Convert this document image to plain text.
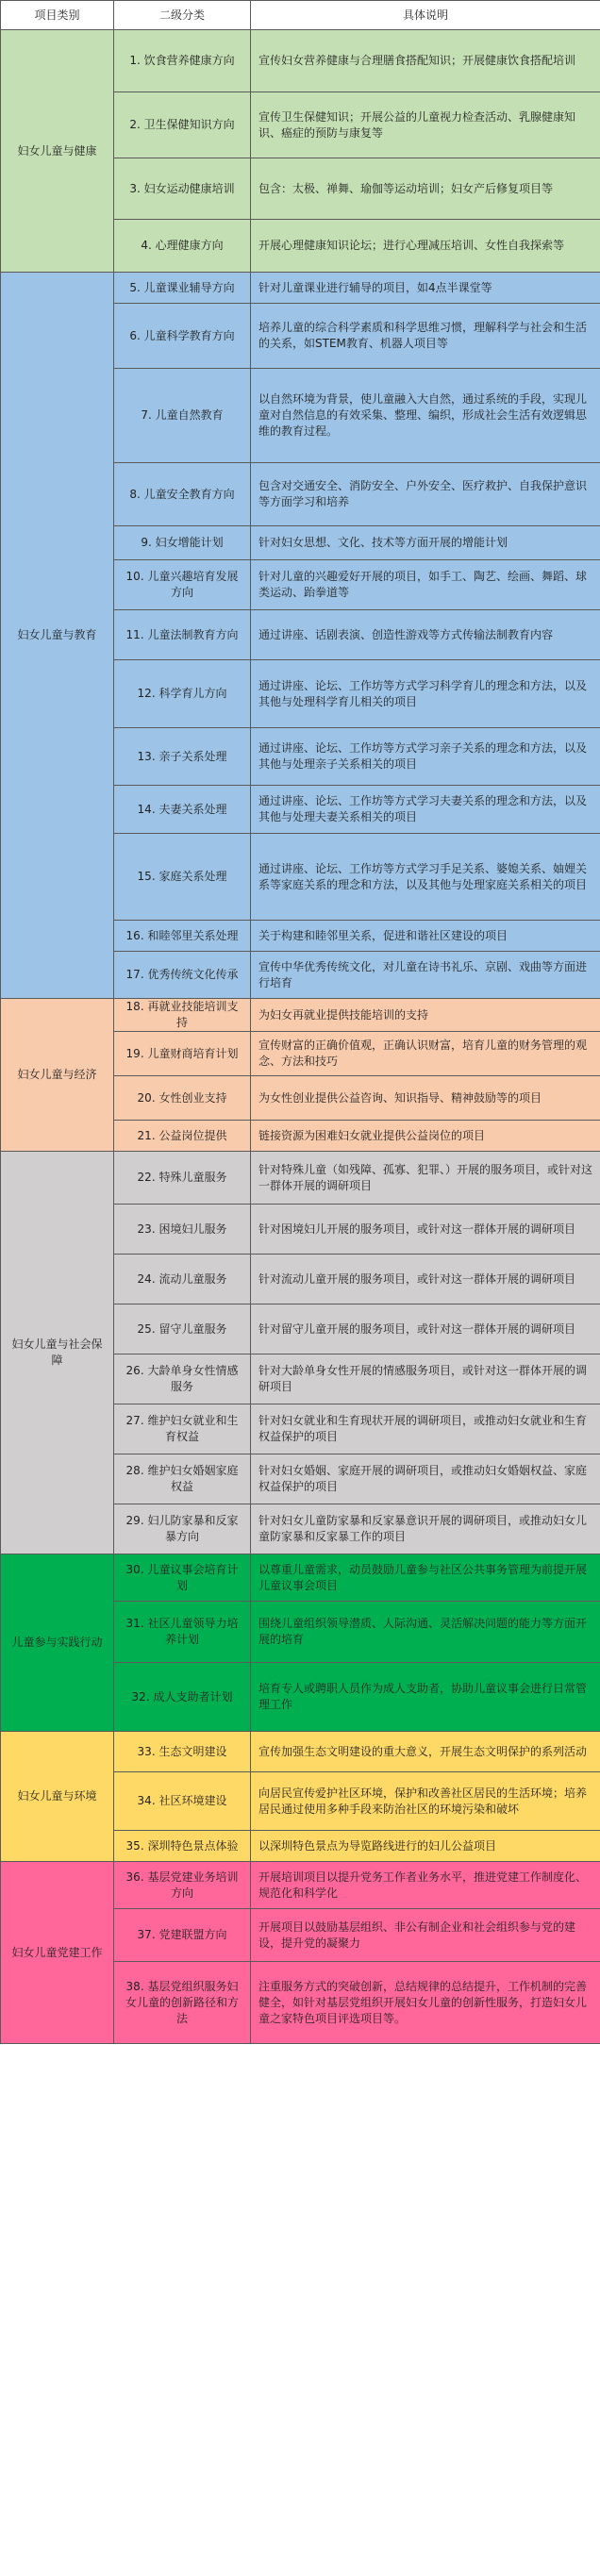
项目类别	二级分类	具体说明
妇女儿童与健康	1. 饮食营养健康方向	宣传妇女营养健康与合理膳食搭配知识；开展健康饮食搭配培训
	2. 卫生保健知识方向	宣传卫生保健知识；开展公益的儿童视力检查活动、乳腺健康知识、癌症的预防与康复等
	3. 妇女运动健康培训	包含：太极、禅舞、瑜伽等运动培训；妇女产后修复项目等
	4. 心理健康方向	开展心理健康知识论坛；进行心理减压培训、女性自我探索等
妇女儿童与教育	5. 儿童课业辅导方向	针对儿童课业进行辅导的项目，如4点半课堂等
	6. 儿童科学教育方向	培养儿童的综合科学素质和科学思维习惯，理解科学与社会和生活的关系，如STEM教育、机器人项目等
	7. 儿童自然教育	以自然环境为背景，使儿童融入大自然，通过系统的手段，实现儿童对自然信息的有效采集、整理、编织，形成社会生活有效逻辑思维的教育过程。
	8. 儿童安全教育方向	包含对交通安全、消防安全、户外安全、医疗救护、自我保护意识等方面学习和培养
	9. 妇女增能计划	针对妇女思想、文化、技术等方面开展的增能计划
	10. 儿童兴趣培育发展方向	针对儿童的兴趣爱好开展的项目，如手工、陶艺、绘画、舞蹈、球类运动、跆拳道等
	11. 儿童法制教育方向	通过讲座、话剧表演、创造性游戏等方式传输法制教育内容
	12. 科学育儿方向	通过讲座、论坛、工作坊等方式学习科学育儿的理念和方法，以及其他与处理科学育儿相关的项目
	13. 亲子关系处理	通过讲座、论坛、工作坊等方式学习亲子关系的理念和方法，以及其他与处理亲子关系相关的项目
	14. 夫妻关系处理	通过讲座、论坛、工作坊等方式学习夫妻关系的理念和方法，以及其他与处理夫妻关系相关的项目
	15. 家庭关系处理	通过讲座、论坛、工作坊等方式学习手足关系、婆媳关系、妯娌关系等家庭关系的理念和方法，以及其他与处理家庭关系相关的项目
	16. 和睦邻里关系处理	关于构建和睦邻里关系，促进和谐社区建设的项目
	17. 优秀传统文化传承	宣传中华优秀传统文化，对儿童在诗书礼乐、京剧、戏曲等方面进行培育
妇女儿童与经济	18. 再就业技能培训支持	为妇女再就业提供技能培训的支持
	19. 儿童财商培育计划	宣传财富的正确价值观，正确认识财富，培育儿童的财务管理的观念、方法和技巧
	20. 女性创业支持	为女性创业提供公益咨询、知识指导、精神鼓励等的项目
	21. 公益岗位提供	链接资源为困难妇女就业提供公益岗位的项目
妇女儿童与社会保障	22. 特殊儿童服务	针对特殊儿童（如残障、孤寡、犯罪、）开展的服务项目，或针对这一群体开展的调研项目
	23. 困境妇儿服务	针对困境妇儿开展的服务项目，或针对这一群体开展的调研项目
	24. 流动儿童服务	针对流动儿童开展的服务项目，或针对这一群体开展的调研项目
	25. 留守儿童服务	针对留守儿童开展的服务项目，或针对这一群体开展的调研项目
	26. 大龄单身女性情感服务	针对大龄单身女性开展的情感服务项目，或针对这一群体开展的调研项目
	27. 维护妇女就业和生育权益	针对妇女就业和生育现状开展的调研项目，或推动妇女就业和生育权益保护的项目
	28. 维护妇女婚姻家庭权益	针对妇女婚姻、家庭开展的调研项目，或推动妇女婚姻权益、家庭权益保护的项目
	29. 妇儿防家暴和反家暴方向	针对妇女儿童防家暴和反家暴意识开展的调研项目，或推动妇女儿童防家暴和反家暴工作的项目
儿童参与实践行动	30. 儿童议事会培育计划	以尊重儿童需求，动员鼓励儿童参与社区公共事务管理为前提开展儿童议事会项目
	31. 社区儿童领导力培养计划	围绕儿童组织领导潜质、人际沟通、灵活解决问题的能力等方面开展的培育
	32. 成人支助者计划	培育专人或聘职人员作为成人支助者，协助儿童议事会进行日常管理工作
妇女儿童与环境	33. 生态文明建设	宣传加强生态文明建设的重大意义，开展生态文明保护的系列活动
	34. 社区环境建设	向居民宣传爱护社区环境，保护和改善社区居民的生活环境；培养居民通过使用多种手段来防治社区的环境污染和破坏
	35. 深圳特色景点体验	以深圳特色景点为导览路线进行的妇儿公益项目
妇女儿童党建工作	36. 基层党建业务培训方向	开展培训项目以提升党务工作者业务水平，推进党建工作制度化、规范化和科学化
	37. 党建联盟方向	开展项目以鼓励基层组织、非公有制企业和社会组织参与党的建设，提升党的凝聚力
	38. 基层党组织服务妇女儿童的创新路径和方法	注重服务方式的突破创新，总结规律的总结提升，工作机制的完善健全，如针对基层党组织开展妇女儿童的创新性服务，打造妇女儿童之家特色项目评选项目等。
